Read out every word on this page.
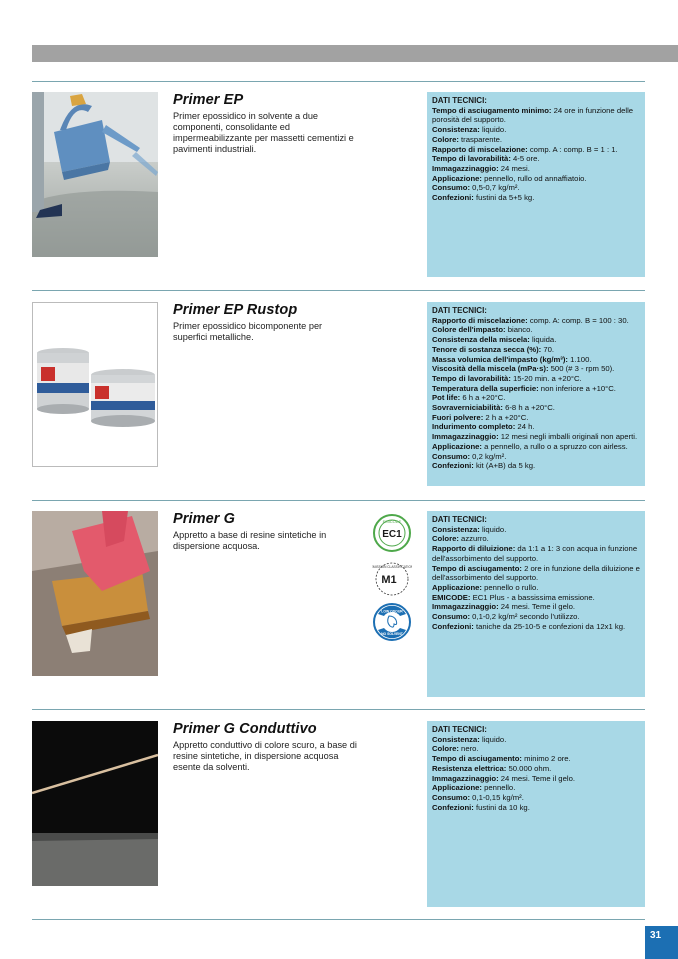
Primer EP

Primer epossidico in solvente a due componenti, consolidante ed impermeabilizzante per massetti cementizi e pavimenti industriali.

DATI TECNICI:
Tempo di asciugamento minimo: 24 ore in funzione delle porosità del supporto.
Consistenza: liquido.
Colore: trasparente.
Rapporto di miscelazione: comp. A : comp. B = 1 : 1.
Tempo di lavorabilità: 4-5 ore.
Immagazzinaggio: 24 mesi.
Applicazione: pennello, rullo od annaffiatoio.
Consumo: 0,5-0,7 kg/m².
Confezioni: fustini da 5+5 kg.
Primer EP Rustop

Primer epossidico bicomponente per superfici metalliche.

DATI TECNICI:
Rapporto di miscelazione: comp. A: comp. B = 100 : 30.
Colore dell'impasto: bianco.
Consistenza della miscela: liquida.
Tenore di sostanza secca (%): 70.
Massa volumica dell'impasto (kg/m³): 1.100.
Viscosità della miscela (mPa·s): 500 (# 3 - rpm 50).
Tempo di lavorabilità: 15-20 min. a +20°C.
Temperatura della superficie: non inferiore a +10°C.
Pot life: 6 h a +20°C.
Sovraverniciabilità: 6-8 h a +20°C.
Fuori polvere: 2 h a +20°C.
Indurimento completo: 24 h.
Immagazzinaggio: 12 mesi negli imballi originali non aperti.
Applicazione: a pennello, a rullo o a spruzzo con airless.
Consumo: 0,2 kg/m².
Confezioni: kit (A+B) da 5 kg.
Primer G

Appretto a base di resine sintetiche in dispersione acquosa.

EMICODE
EC1
EMISSION CLASSIFICATION
M1
LOW ODOUR
NO SOLVENT
DATI TECNICI:
Consistenza: liquido.
Colore: azzurro.
Rapporto di diluizione: da 1:1 a 1: 3 con acqua in funzione dell'assorbimento del supporto.
Tempo di asciugamento: 2 ore in funzione della diluizione e dell'assorbimento del supporto.
Applicazione: pennello o rullo.
EMICODE: EC1 Plus - a bassissima emissione.
Immagazzinaggio: 24 mesi. Teme il gelo.
Consumo: 0,1-0,2 kg/m² secondo l'utilizzo.
Confezioni: taniche da 25-10-5 e confezioni da 12x1 kg.
Primer G Conduttivo

Appretto conduttivo di colore scuro, a base di resine sintetiche, in dispersione acquosa esente da solventi.

DATI TECNICI:
Consistenza: liquido.
Colore: nero.
Tempo di asciugamento: minimo 2 ore.
Resistenza elettrica: 50.000 ohm.
Immagazzinaggio: 24 mesi. Teme il gelo.
Applicazione: pennello.
Consumo: 0,1-0,15 kg/m².
Confezioni: fustini da 10 kg.
31
